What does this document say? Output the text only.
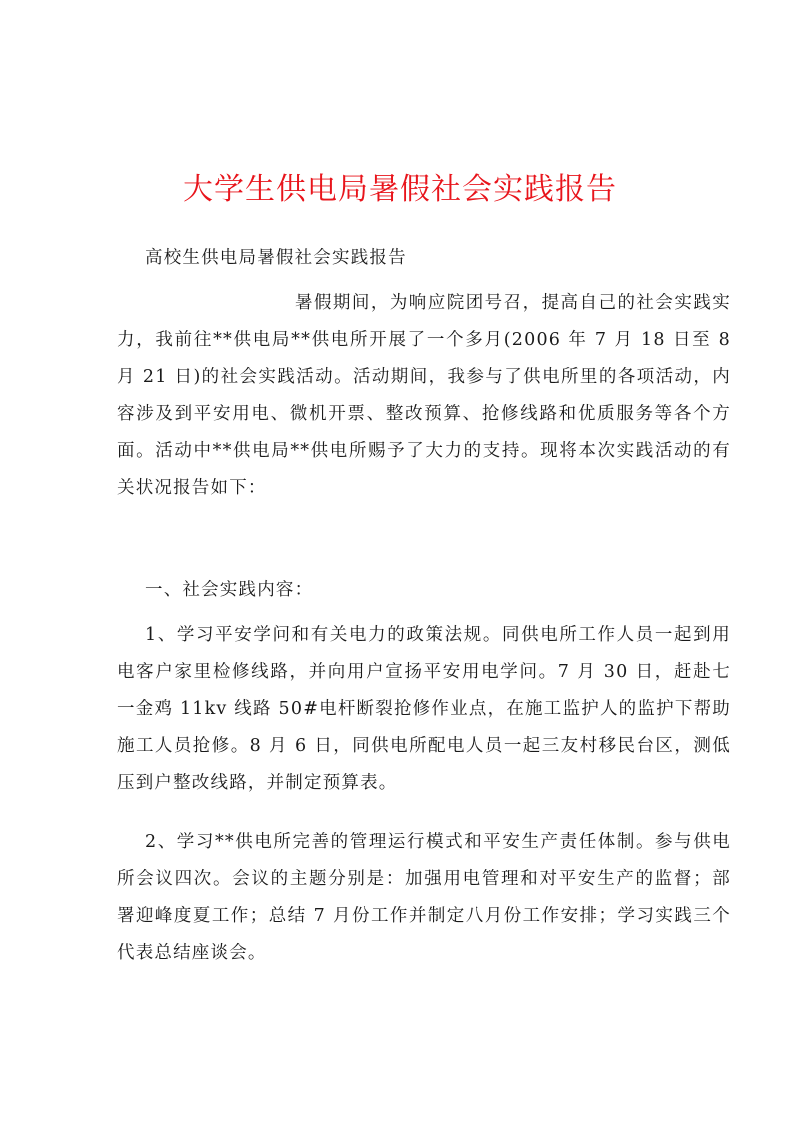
大学生供电局暑假社会实践报告

高校生供电局暑假社会实践报告

暑假期间，为响应院团号召，提高自己的社会实践实力，我前往**供电局**供电所开展了一个多月(2006 年 7 月 18 日至 8 月 21 日)的社会实践活动。活动期间，我参与了供电所里的各项活动，内容涉及到平安用电、微机开票、整改预算、抢修线路和优质服务等各个方面。活动中**供电局**供电所赐予了大力的支持。现将本次实践活动的有关状况报告如下：

一、社会实践内容：

1、学习平安学问和有关电力的政策法规。同供电所工作人员一起到用电客户家里检修线路，并向用户宣扬平安用电学问。7 月 30 日，赶赴七一金鸡 11kv 线路 50#电杆断裂抢修作业点，在施工监护人的监护下帮助施工人员抢修。8 月 6 日，同供电所配电人员一起三友村移民台区，测低压到户整改线路，并制定预算表。

2、学习**供电所完善的管理运行模式和平安生产责任体制。参与供电所会议四次。会议的主题分别是：加强用电管理和对平安生产的监督；部署迎峰度夏工作；总结 7 月份工作并制定八月份工作安排；学习实践三个代表总结座谈会。
